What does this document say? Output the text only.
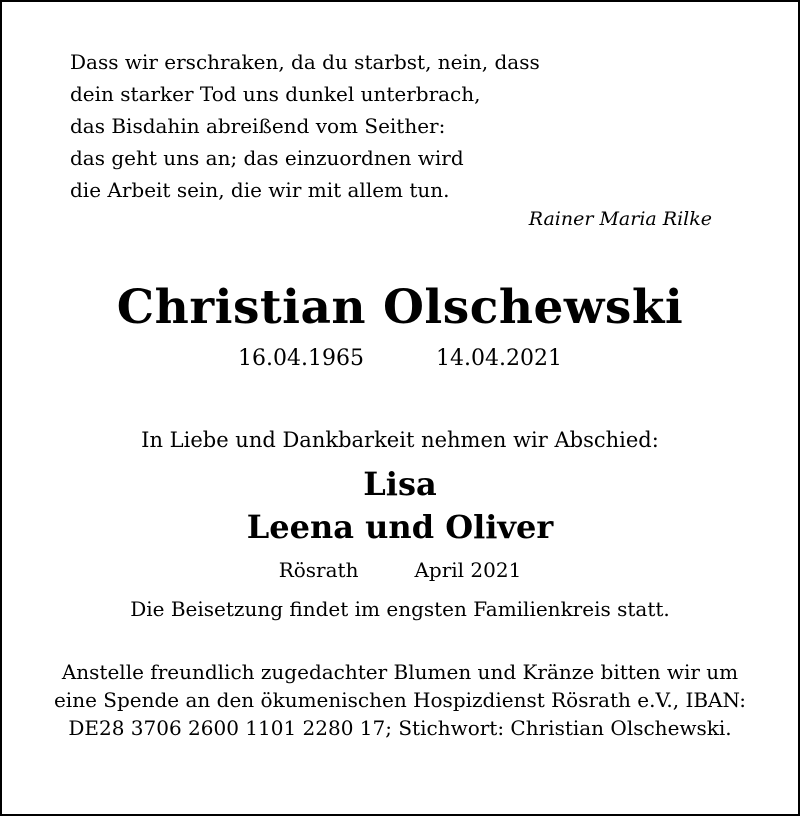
Dass wir erschraken, da du starbst, nein, dass
dein starker Tod uns dunkel unterbrach,
das Bisdahin abreißend vom Seither:
das geht uns an; das einzuordnen wird
die Arbeit sein, die wir mit allem tun.
Rainer Maria Rilke
Christian Olschewski
16.04.1965	14.04.2021
In Liebe und Dankbarkeit nehmen wir Abschied:
Lisa
Leena und Oliver
Rösrath	April 2021
Die Beisetzung findet im engsten Familienkreis statt.
Anstelle freundlich zugedachter Blumen und Kränze bitten wir um
eine Spende an den ökumenischen Hospizdienst Rösrath e.V., IBAN:
DE28 3706 2600 1101 2280 17; Stichwort: Christian Olschewski.
